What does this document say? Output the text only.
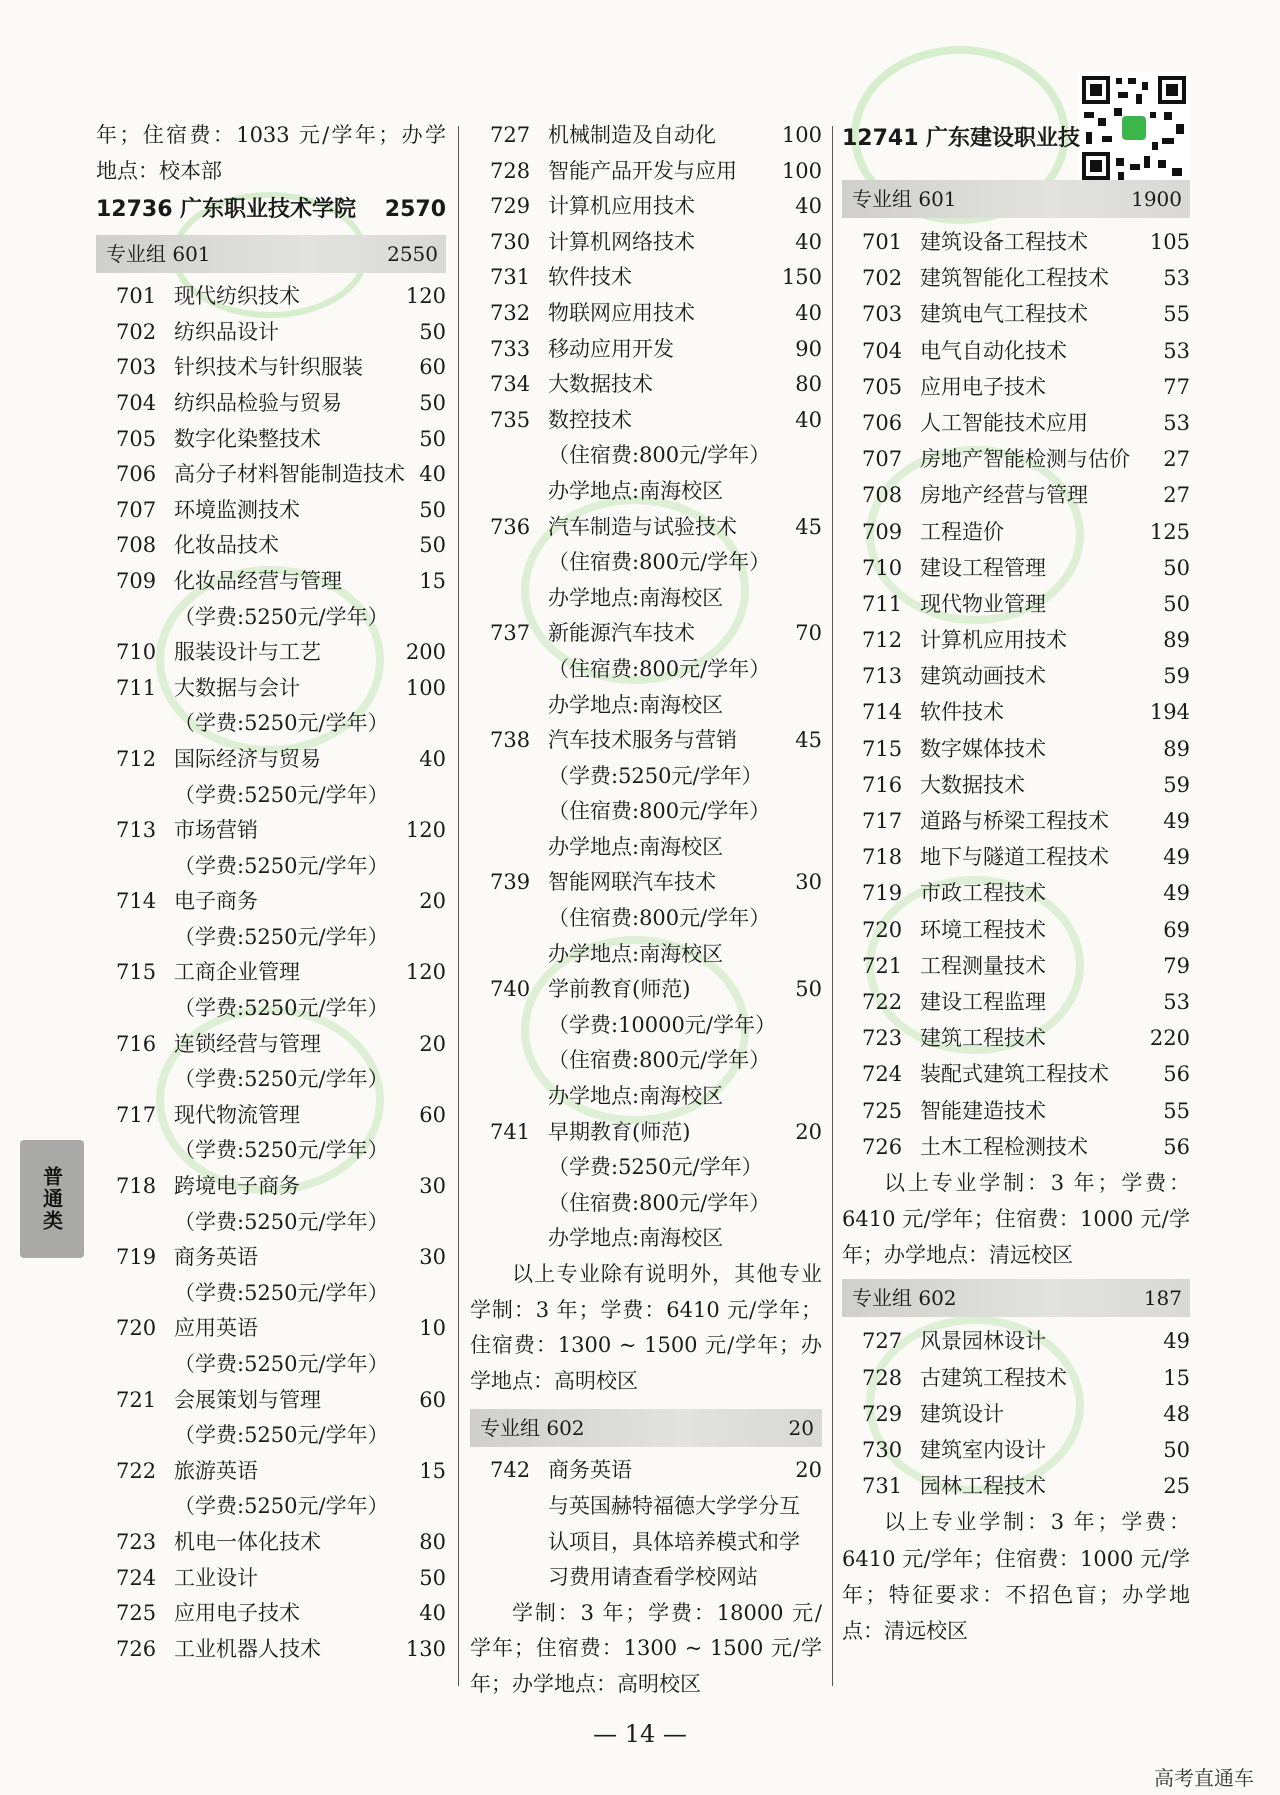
年；住宿费：1033 元/学年；办学
地点：校本部
12736 广东职业技术学院 2570
专业组 601	2550
701 现代纺织技术	120
702 纺织品设计	50
703 针织技术与针织服装	60
704 纺织品检验与贸易	50
705 数字化染整技术	50
706 高分子材料智能制造技术 40
707 环境监测技术	50
708 化妆品技术	50
709 化妆品经营与管理	15
（学费:5250元/学年）
710 服装设计与工艺	200
711 大数据与会计	100
（学费:5250元/学年）
712 国际经济与贸易	40
（学费:5250元/学年）
713 市场营销	120
（学费:5250元/学年）
714 电子商务	20
（学费:5250元/学年）
715 工商企业管理	120
（学费:5250元/学年）
716 连锁经营与管理	20
（学费:5250元/学年）
717 现代物流管理	60
（学费:5250元/学年）
718 跨境电子商务	30
（学费:5250元/学年）
719 商务英语	30
（学费:5250元/学年）
720 应用英语	10
（学费:5250元/学年）
721 会展策划与管理	60
（学费:5250元/学年）
722 旅游英语	15
（学费:5250元/学年）
723 机电一体化技术	80
724 工业设计	50
725 应用电子技术	40
726 工业机器人技术	130
727 机械制造及自动化	100
728 智能产品开发与应用 100
729 计算机应用技术	40
730 计算机网络技术	40
731 软件技术	150
732 物联网应用技术	40
733 移动应用开发	90
734 大数据技术	80
735 数控技术	40
（住宿费:800元/学年）
办学地点:南海校区
736 汽车制造与试验技术	45
（住宿费:800元/学年）
办学地点:南海校区
737 新能源汽车技术	70
（住宿费:800元/学年）
办学地点:南海校区
738 汽车技术服务与营销	45
（学费:5250元/学年）
（住宿费:800元/学年）
办学地点:南海校区
739 智能网联汽车技术	30
（住宿费:800元/学年）
办学地点:南海校区
740 学前教育(师范)	50
（学费:10000元/学年）
（住宿费:800元/学年）
办学地点:南海校区
741 早期教育(师范)	20
（学费:5250元/学年）
（住宿费:800元/学年）
办学地点:南海校区
以上专业除有说明外，其他专业学制：3 年；学费：6410 元/学年；住宿费：1300 ~ 1500 元/学年；办学地点：高明校区
专业组 602	20
742 商务英语	20
与英国赫特福德大学学分互
认项目，具体培养模式和学
习费用请查看学校网站
学制：3 年；学费：18000 元/学年；住宿费：1300 ~ 1500 元/学年；办学地点：高明校区
12741 广东建设职业技
专业组 601	1900
701 建筑设备工程技术	105
702 建筑智能化工程技术	53
703 建筑电气工程技术	55
704 电气自动化技术	53
705 应用电子技术	77
706 人工智能技术应用	53
707 房地产智能检测与估价 27
708 房地产经营与管理	27
709 工程造价	125
710 建设工程管理	50
711 现代物业管理	50
712 计算机应用技术	89
713 建筑动画技术	59
714 软件技术	194
715 数字媒体技术	89
716 大数据技术	59
717 道路与桥梁工程技术	49
718 地下与隧道工程技术	49
719 市政工程技术	49
720 环境工程技术	69
721 工程测量技术	79
722 建设工程监理	53
723 建筑工程技术	220
724 装配式建筑工程技术	56
725 智能建造技术	55
726 土木工程检测技术	56
以上专业学制：3 年；学费：6410 元/学年；住宿费：1000 元/学年；办学地点：清远校区
专业组 602	187
727 风景园林设计	49
728 古建筑工程技术	15
729 建筑设计	48
730 建筑室内设计	50
731 园林工程技术	25
以上专业学制：3 年；学费：6410 元/学年；住宿费：1000 元/学年；特征要求：不招色盲；办学地点：清远校区
普通类
— 14 —
高考直通车
